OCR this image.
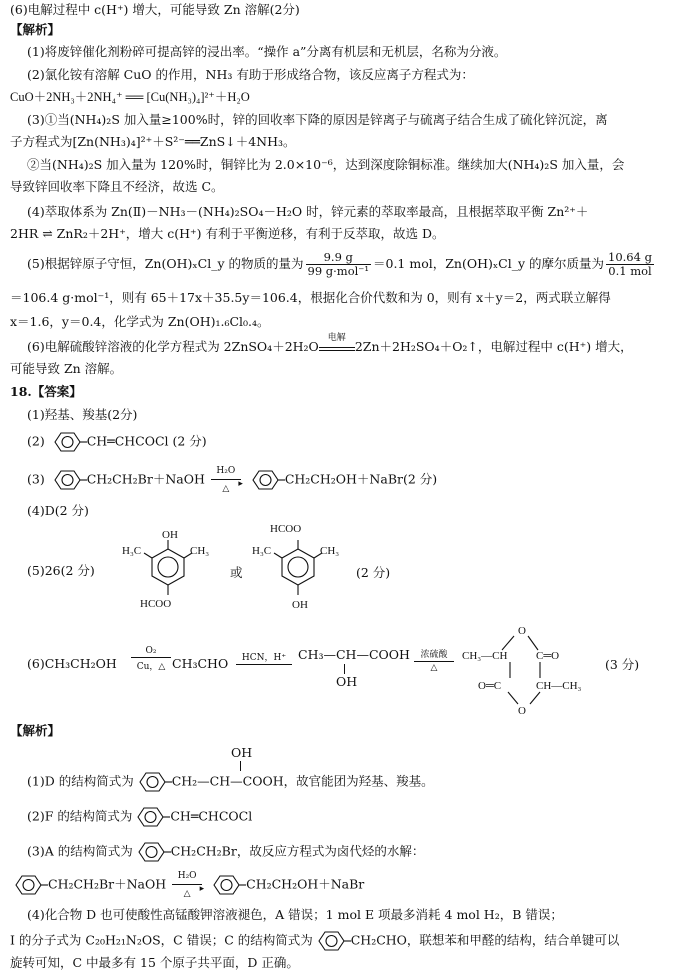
(6)电解过程中 c(H⁺) 增大，可能导致 Zn 溶解(2分)
【解析】
(1)将废锌催化剂粉碎可提高锌的浸出率。“操作 a”分离有机层和无机层，名称为分液。
(2)氯化铵有溶解 CuO 的作用，NH₃ 有助于形成络合物，该反应离子方程式为：
CuO＋2NH₃＋2NH₄⁺ ══ [Cu(NH₃)₄]²⁺＋H₂O
(3)①当(NH₄)₂S 加入量≥100%时，锌的回收率下降的原因是锌离子与硫离子结合生成了硫化锌沉淀，离
子方程式为[Zn(NH₃)₄]²⁺＋S²⁻══ZnS↓＋4NH₃。
②当(NH₄)₂S 加入量为 120%时，铜锌比为 2.0×10⁻⁶，达到深度除铜标准。继续加大(NH₄)₂S 加入量，会
导致锌回收率下降且不经济，故选 C。
(4)萃取体系为 Zn(Ⅱ)－NH₃－(NH₄)₂SO₄－H₂O 时，锌元素的萃取率最高，且根据萃取平衡 Zn²⁺＋
2HR ⇌ ZnR₂＋2H⁺，增大 c(H⁺) 有利于平衡逆移，有利于反萃取，故选 D。
(5)根据锌原子守恒，Zn(OH)ₓCl_y 的物质的量为 $\frac{9.9 g}{\text{99 g·mol⁻¹}} =0.1$ mol，Zn(OH)ₓCl_y 的摩尔质量为 $\frac{10.64 g}{\text{0.1 mol}}$
＝106.4 g·mol⁻¹，则有 65＋17x＋35.5y＝106.4，根据化合价代数和为 0，则有 x＋y＝2，两式联立解得
x＝1.6，y＝0.4，化学式为 Zn(OH)₁.₆Cl₀.₄。
(6)电解硫酸锌溶液的化学方程式为 2ZnSO₄＋2H₂O
电解
2Zn＋2H₂SO₄＋O₂↑，电解过程中 c(H⁺) 增大，
可能导致 Zn 溶解。
18.【答案】
(1)羟基、羧基(2分)
(2)	CH═CHCOCl (2 分)
(3)	CH₂CH₂Br＋NaOH
H₂O
▸
△
CH₂CH₂OH＋NaBr(2 分)
(4)D(2 分)
(5)26(2 分)
OH
H₃C	CH₃
HCOO
或
HCOO
H₃C	CH₃
OH
(2 分)
(6)CH₃CH₂OH
O₂
Cu，△ CH₃CHO	HCN，H⁺ CH₃—CH—COOH
OH
浓硫酸
△
O
CH₃—CH	C═O
O═C	CH—CH₃
O
(3 分)
【解析】
OH
(1)D 的结构简式为	CH₂—CH—COOH，故官能团为羟基、羧基。
(2)F 的结构简式为	CH═CHCOCl
(3)A 的结构简式为	CH₂CH₂Br，故反应方程式为卤代烃的水解：
CH₂CH₂Br＋NaOH
H₂O
▸
△
CH₂CH₂OH＋NaBr
(4)化合物 D 也可使酸性高锰酸钾溶液褪色，A 错误；1 mol E 项最多消耗 4 mol H₂，B 错误；
I 的分子式为 C₂₀H₂₁N₂OS，C 错误；C 的结构简式为	CH₂CHO，联想苯和甲醛的结构，结合单键可以
旋转可知，C 中最多有 15 个原子共平面，D 正确。
